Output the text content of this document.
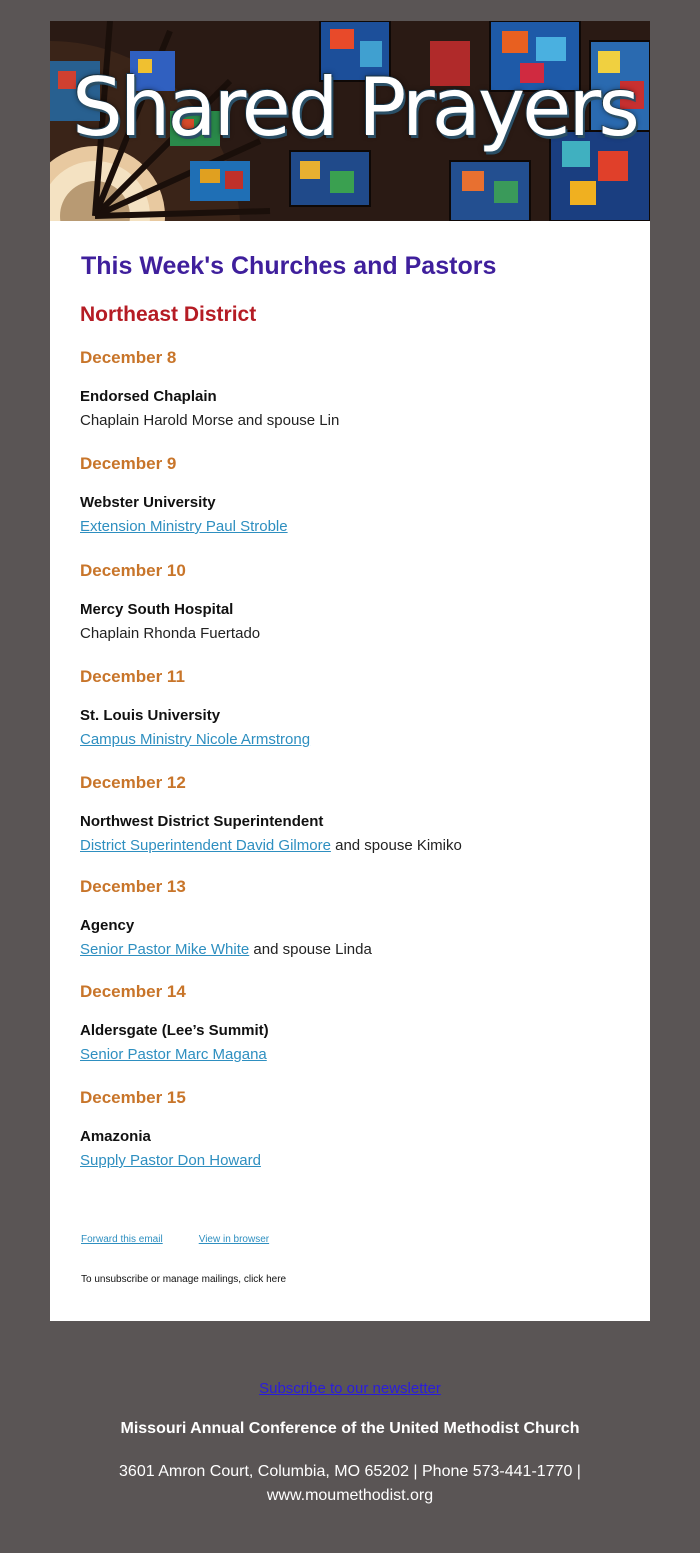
Shared Prayers
This Week's Churches and Pastors
Northeast District
December 8
Endorsed Chaplain
Chaplain Harold Morse and spouse Lin
December 9
Webster University
Extension Ministry Paul Stroble
December 10
Mercy South Hospital
Chaplain Rhonda Fuertado
December 11
St. Louis University
Campus Ministry Nicole Armstrong
December 12
Northwest District Superintendent
District Superintendent David Gilmore and spouse Kimiko
December 13
Agency
Senior Pastor Mike White and spouse Linda
December 14
Aldersgate (Lee’s Summit)
Senior Pastor Marc Magana
December 15
Amazonia
Supply Pastor Don Howard
Forward this email	View in browser
To unsubscribe or manage mailings, click here
Subscribe to our newsletter
Missouri Annual Conference of the United Methodist Church
3601 Amron Court, Columbia, MO 65202 | Phone 573-441-1770 |
www.moumethodist.org
